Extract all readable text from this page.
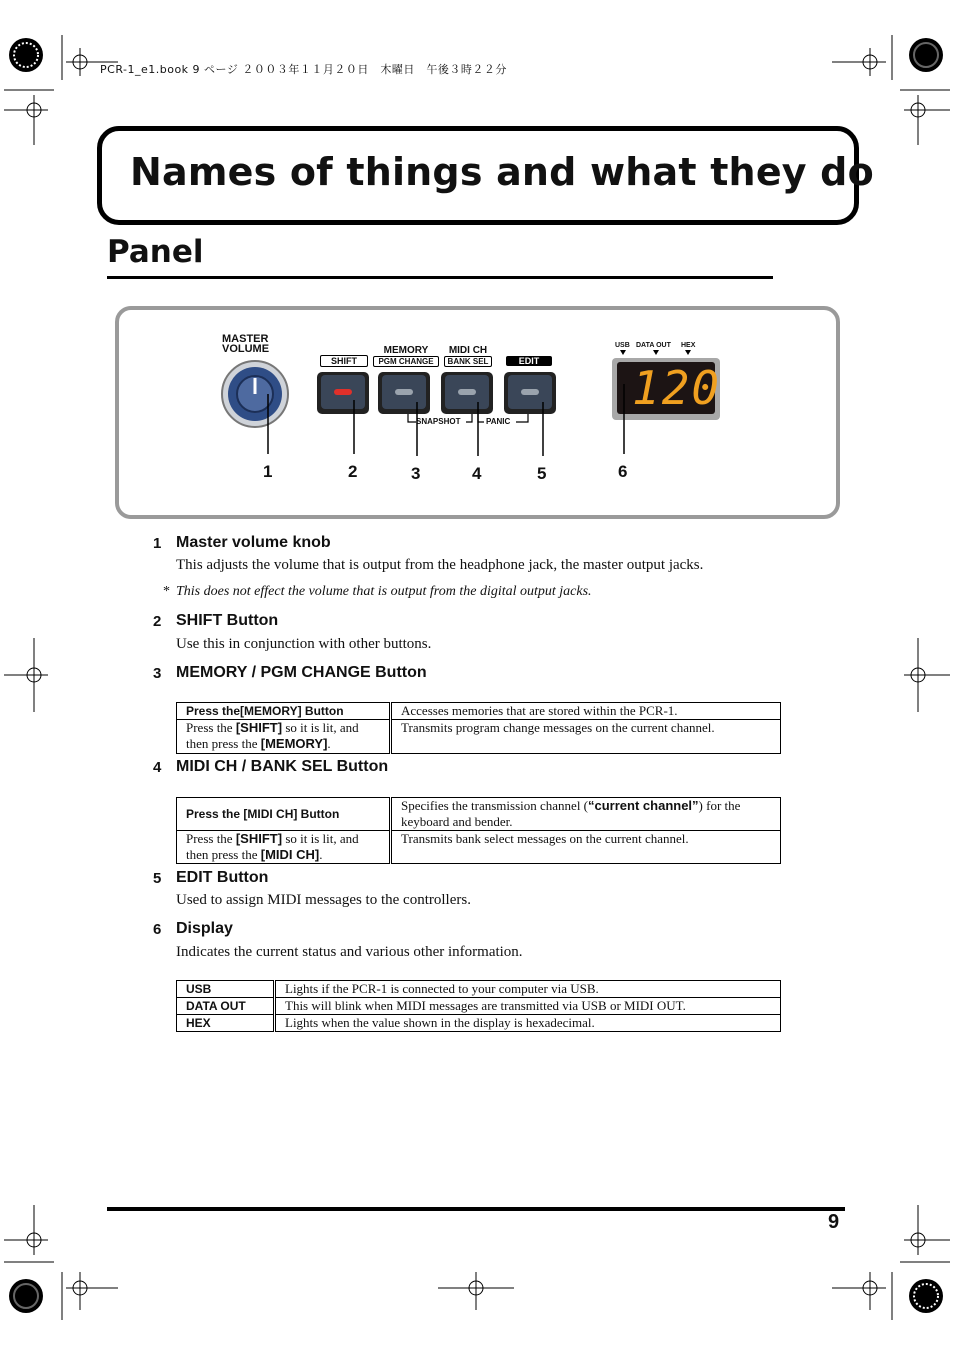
PCR-1_e1.book 9 ページ ２００３年１１月２０日　木曜日　午後３時２２分
Names of things and what they do
Panel
MASTER
VOLUME
SHIFT
MEMORY
PGM CHANGE
MIDI CH
BANK SEL	EDIT
SNAPSHOT	PANIC
USB DATA OUT HEX
120
1	2	3	4	5	6
1 Master volume knob
This adjusts the volume that is output from the headphone jack, the master output jacks.
* This does not effect the volume that is output from the digital output jacks.
2 SHIFT Button
Use this in conjunction with other buttons.
3 MEMORY / PGM CHANGE Button
Press the[MEMORY] Button	Accesses memories that are stored within the PCR-1.
Press the [SHIFT] so it is lit, and then press the [MEMORY].	Transmits program change messages on the current channel.
4 MIDI CH / BANK SEL Button
Press the [MIDI CH] Button	Specifies the transmission channel (“current channel”) for the keyboard and bender.
Press the [SHIFT] so it is lit, and then press the [MIDI CH].	Transmits bank select messages on the current channel.
5 EDIT Button
Used to assign MIDI messages to the controllers.
6 Display
Indicates the current status and various other information.
USB	Lights if the PCR-1 is connected to your computer via USB.
DATA OUT	This will blink when MIDI messages are transmitted via USB or MIDI OUT.
HEX	Lights when the value shown in the display is hexadecimal.
9
